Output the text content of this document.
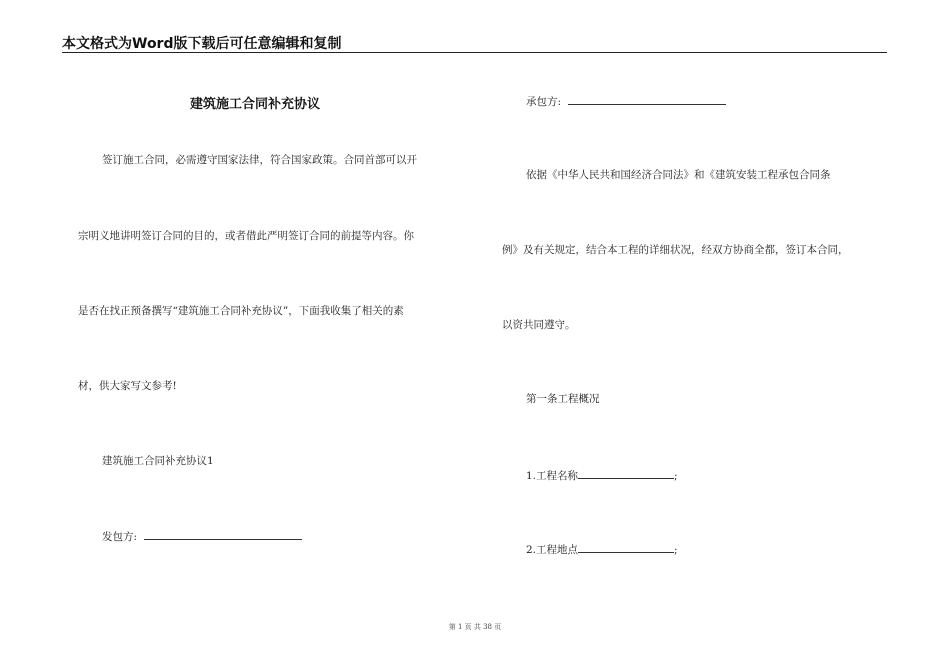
本文格式为Word版下载后可任意编辑和复制
建筑施工合同补充协议
签订施工合同，必需遵守国家法律，符合国家政策。合同首部可以开
宗明义地讲明签订合同的目的，或者借此严明签订合同的前提等内容。你
是否在找正预备撰写“建筑施工合同补充协议”，下面我收集了相关的素
材，供大家写文参考!
建筑施工合同补充协议1
发包方:
承包方:
依据《中华人民共和国经济合同法》和《建筑安装工程承包合同条
例》及有关规定，结合本工程的详细状况，经双方协商全都，签订本合同，
以资共同遵守。
第一条工程概况
1.工程名称	;
2.工程地点	;
第 1 页 共 38 页
